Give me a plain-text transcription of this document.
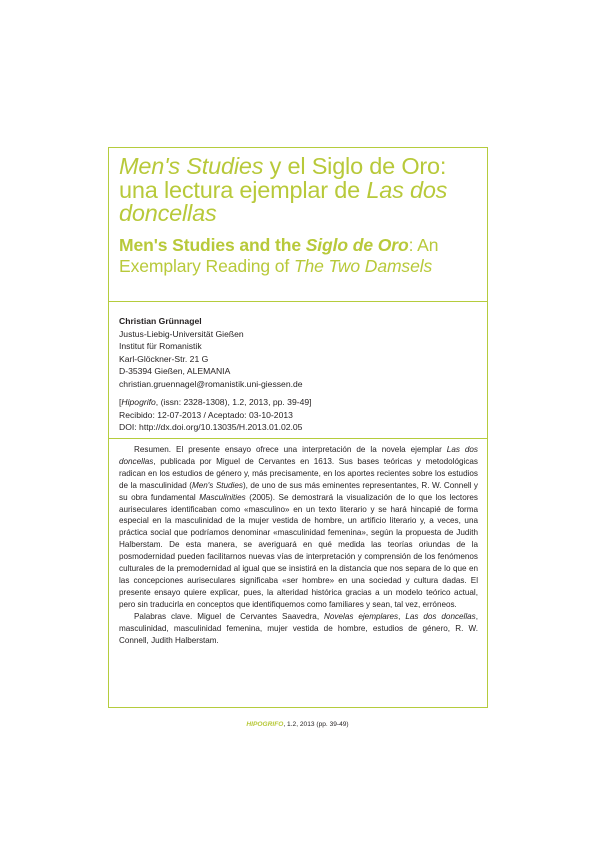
Men's Studies y el Siglo de Oro:
una lectura ejemplar de Las dos doncellas
Men's Studies and the Siglo de Oro: An Exemplary Reading of The Two Damsels
Christian Grünnagel
Justus-Liebig-Universität Gießen
Institut für Romanistik
Karl-Glöckner-Str. 21 G
D-35394 Gießen, ALEMANIA
christian.gruennagel@romanistik.uni-giessen.de
[Hipogrifo, (issn: 2328-1308), 1.2, 2013, pp. 39-49]
Recibido: 12-07-2013 / Aceptado: 03-10-2013
DOI: http://dx.doi.org/10.13035/H.2013.01.02.05

Resumen. El presente ensayo ofrece una interpretación de la novela ejemplar Las dos doncellas, publicada por Miguel de Cervantes en 1613. Sus bases teóricas y metodológicas radican en los estudios de género y, más precisamente, en los aportes recientes sobre los estudios de la masculinidad (Men's Studies), de uno de sus más eminentes representantes, R. W. Connell y su obra fundamental Masculinities (2005). Se demostrará la visualización de lo que los lectores auriseculares identificaban como «masculino» en un texto literario y se hará hincapié de forma especial en la masculinidad de la mujer vestida de hombre, un artificio literario y, a veces, una práctica social que podríamos denominar «masculinidad femenina», según la propuesta de Judith Halberstam. De esta manera, se averiguará en qué medida las teorías oriundas de la posmodernidad pueden facilitarnos nuevas vías de interpretación y comprensión de los fenómenos culturales de la premodernidad al igual que se insistirá en la distancia que nos separa de lo que en las concepciones auriseculares significaba «ser hombre» en una sociedad y cultura dadas. El presente ensayo quiere explicar, pues, la alteridad histórica gracias a un modelo teórico actual, pero sin traducirla en conceptos que identifiquemos como familiares y sean, tal vez, erróneos.

Palabras clave. Miguel de Cervantes Saavedra, Novelas ejemplares, Las dos doncellas, masculinidad, masculinidad femenina, mujer vestida de hombre, estudios de género, R. W. Connell, Judith Halberstam.

HIPOGRIFO, 1.2, 2013 (pp. 39-49)
